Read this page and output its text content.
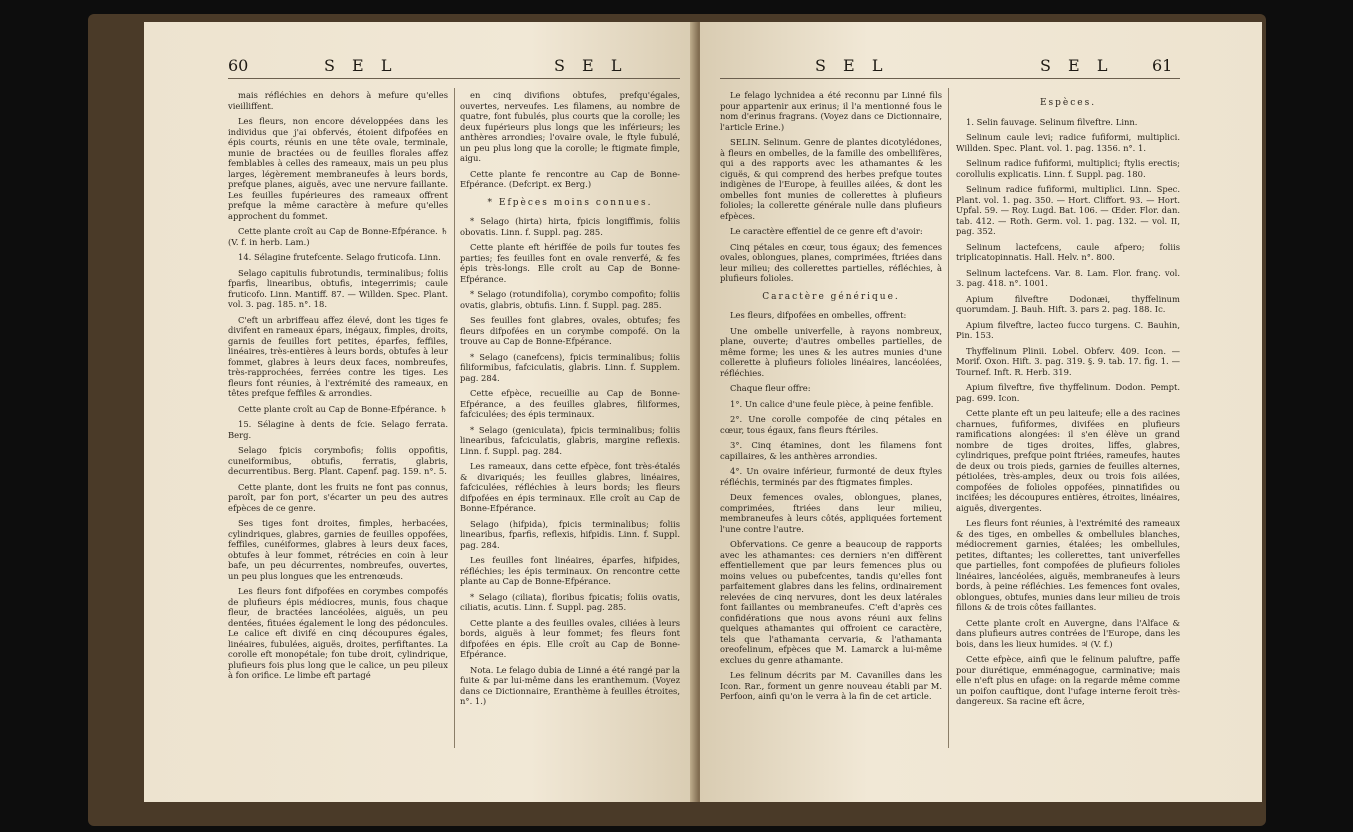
60	S E L	S E L

mais réfléchies en dehors à mefure qu'elles vieilliffent.

Les fleurs, non encore développées dans les individus que j'ai obfervés, étoient difpofées en épis courts, réunis en une tête ovale, terminale, munie de bractées ou de feuilles florales affez femblables à celles des rameaux, mais un peu plus larges, légèrement membraneufes à leurs bords, prefque planes, aiguës, avec une nervure faillante. Les feuilles fupérieures des rameaux offrent prefque la même caractère à mefure qu'elles approchent du fommet.

Cette plante croît au Cap de Bonne-Efpérance. ♄ (V. f. in herb. Lam.)

14. Sélagine frutefcente. Selago fruticofa. Linn.

Selago capitulis fubrotundis, terminalibus; foliis fparfis, linearibus, obtufis, integerrimis; caule fruticofo. Linn. Mantiff. 87. — Willden. Spec. Plant. vol. 3. pag. 185. n°. 18.

C'eft un arbriffeau affez élevé, dont les tiges fe divifent en rameaux épars, inégaux, fimples, droits, garnis de feuilles fort petites, éparfes, feffiles, linéaires, très-entières à leurs bords, obtufes à leur fommet, glabres à leurs deux faces, nombreufes, très-rapprochées, ferrées contre les tiges. Les fleurs font réunies, à l'extrémité des rameaux, en têtes prefque feffiles & arrondies.

Cette plante croît au Cap de Bonne-Efpérance. ♄

15. Sélagine à dents de fcie. Selago ferrata. Berg.

Selago fpicis corymbofis; foliis oppofitis, cuneiformibus, obtufis, ferratis, glabris, decurrentibus. Berg. Plant. Capenf. pag. 159. n°. 5.

Cette plante, dont les fruits ne font pas connus, paroît, par fon port, s'écarter un peu des autres efpèces de ce genre.

Ses tiges font droites, fimples, herbacées, cylindriques, glabres, garnies de feuilles oppofées, feffiles, cunéiformes, glabres à leurs deux faces, obtufes à leur fommet, rétrécies en coin à leur bafe, un peu décurrentes, nombreufes, ouvertes, un peu plus longues que les entrenœuds.

Les fleurs font difpofées en corymbes compofés de plufieurs épis médiocres, munis, fous chaque fleur, de bractées lancéolées, aiguës, un peu dentées, fituées également le long des pédoncules. Le calice eft divifé en cinq découpures égales, linéaires, fubulées, aiguës, droites, perfiftantes. La corolle eft monopétale; fon tube droit, cylindrique, plufieurs fois plus long que le calice, un peu pileux à fon orifice. Le limbe eft partagé

en cinq divifions obtufes, prefqu'égales, ouvertes, nerveufes. Les filamens, au nombre de quatre, font fubulés, plus courts que la corolle; les deux fupérieurs plus longs que les inférieurs; les anthères arrondies; l'ovaire ovale, le ftyle fubulé, un peu plus long que la corolle; le ftigmate fimple, aigu.

Cette plante fe rencontre au Cap de Bonne-Efpérance. (Defcript. ex Berg.)

* Efpèces moins connues.

* Selago (hirta) hirta, fpicis longiffimis, foliis obovatis. Linn. f. Suppl. pag. 285.

Cette plante eft hériffée de poils fur toutes fes parties; fes feuilles font en ovale renverfé, & fes épis très-longs. Elle croît au Cap de Bonne-Efpérance.

* Selago (rotundifolia), corymbo compofito; foliis ovatis, glabris, obtufis. Linn. f. Suppl. pag. 285.

Ses feuilles font glabres, ovales, obtufes; fes fleurs difpofées en un corymbe compofé. On la trouve au Cap de Bonne-Efpérance.

* Selago (canefcens), fpicis terminalibus; foliis filiformibus, fafciculatis, glabris. Linn. f. Supplem. pag. 284.

Cette efpèce, recueillie au Cap de Bonne-Efpérance, a des feuilles glabres, filiformes, fafciculées; des épis terminaux.

* Selago (geniculata), fpicis terminalibus; foliis linearibus, fafciculatis, glabris, margine reflexis. Linn. f. Suppl. pag. 284.

Les rameaux, dans cette efpèce, font très-étalés & divariqués; les feuilles glabres, linéaires, fafciculées, réfléchies à leurs bords; les fleurs difpofées en épis terminaux. Elle croît au Cap de Bonne-Efpérance.

Selago (hifpida), fpicis terminalibus; foliis linearibus, fparfis, reflexis, hifpidis. Linn. f. Suppl. pag. 284.

Les feuilles font linéaires, éparfes, hifpides, réfléchies; les épis terminaux. On rencontre cette plante au Cap de Bonne-Efpérance.

* Selago (ciliata), floribus fpicatis; foliis ovatis, ciliatis, acutis. Linn. f. Suppl. pag. 285.

Cette plante a des feuilles ovales, ciliées à leurs bords, aiguës à leur fommet; fes fleurs font difpofées en épis. Elle croît au Cap de Bonne-Efpérance.

Nota. Le felago dubia de Linné a été rangé par la fuite & par lui-même dans les eranthemum. (Voyez dans ce Dictionnaire, Eranthème à feuilles étroites, n°. 1.)

S E L	S E L 61

Le felago lychnidea a été reconnu par Linné fils pour appartenir aux erinus; il l'a mentionné fous le nom d'erinus fragrans. (Voyez dans ce Dictionnaire, l'article Erine.)

SELIN. Selinum. Genre de plantes dicotylédones, à fleurs en ombelles, de la famille des ombellifères, qui a des rapports avec les athamantes & les ciguës, & qui comprend des herbes prefque toutes indigènes de l'Europe, à feuilles ailées, & dont les ombelles font munies de collerettes à plufieurs folioles; la collerette générale nulle dans plufieurs efpèces.

Le caractère effentiel de ce genre eft d'avoir:

Cinq pétales en cœur, tous égaux; des femences ovales, oblongues, planes, comprimées, ftriées dans leur milieu; des collerettes partielles, réfléchies, à plufieurs folioles.

Caractère générique.

Les fleurs, difpofées en ombelles, offrent:

Une ombelle univerfelle, à rayons nombreux, plane, ouverte; d'autres ombelles partielles, de même forme; les unes & les autres munies d'une collerette à plufieurs folioles linéaires, lancéolées, réfléchies.

Chaque fleur offre:

1°. Un calice d'une feule pièce, à peine fenfible.

2°. Une corolle compofée de cinq pétales en cœur, tous égaux, fans fleurs ftériles.

3°. Cinq étamines, dont les filamens font capillaires, & les anthères arrondies.

4°. Un ovaire inférieur, furmonté de deux ftyles réfléchis, terminés par des ftigmates fimples.

Deux femences ovales, oblongues, planes, comprimées, ftriées dans leur milieu, membraneufes à leurs côtés, appliquées fortement l'une contre l'autre.

Obfervations. Ce genre a beaucoup de rapports avec les athamantes: ces derniers n'en diffèrent effentiellement que par leurs femences plus ou moins velues ou pubefcentes, tandis qu'elles font parfaitement glabres dans les felins, ordinairement relevées de cinq nervures, dont les deux latérales font faillantes ou membraneufes. C'eft d'après ces confidérations que nous avons réuni aux felins quelques athamantes qui offroient ce caractère, tels que l'athamanta cervaria, & l'athamanta oreofelinum, efpèces que M. Lamarck a lui-même exclues du genre athamante.

Les felinum décrits par M. Cavanilles dans les Icon. Rar., forment un genre nouveau établi par M. Perfoon, ainfi qu'on le verra à la fin de cet article.

Espèces.

1. Selin fauvage. Selinum filveftre. Linn.

Selinum caule levi; radice fufiformi, multiplici. Willden. Spec. Plant. vol. 1. pag. 1356. n°. 1.

Selinum radice fufiformi, multiplici; ftylis erectis; corollulis explicatis. Linn. f. Suppl. pag. 180.

Selinum radice fufiformi, multiplici. Linn. Spec. Plant. vol. 1. pag. 350. — Hort. Cliffort. 93. — Hort. Upfal. 59. — Roy. Lugd. Bat. 106. — Œder. Flor. dan. tab. 412. — Roth. Germ. vol. 1. pag. 132. — vol. II, pag. 352.

Selinum lactefcens, caule afpero; foliis triplicatopinnatis. Hall. Helv. n°. 800.

Selinum lactefcens. Var. 8. Lam. Flor. franç. vol. 3. pag. 418. n°. 1001.

Apium filveftre Dodonæi, thyffelinum quorumdam. J. Bauh. Hift. 3. pars 2. pag. 188. Ic.

Apium filveftre, lacteo fucco turgens. C. Bauhin, Pin. 153.

Thyffelinum Plinii. Lobel. Obferv. 409. Icon. — Morif. Oxon. Hift. 3. pag. 319. §. 9. tab. 17. fig. 1. — Tournef. Inft. R. Herb. 319.

Apium filveftre, five thyffelinum. Dodon. Pempt. pag. 699. Icon.

Cette plante eft un peu laiteufe; elle a des racines charnues, fufiformes, divifées en plufieurs ramifications alongées: il s'en élève un grand nombre de tiges droites, liffes, glabres, cylindriques, prefque point ftriées, rameufes, hautes de deux ou trois pieds, garnies de feuilles alternes, pétiolées, très-amples, deux ou trois fois ailées, compofées de folioles oppofées, pinnatifides ou incifées; les découpures entières, étroites, linéaires, aiguës, divergentes.

Les fleurs font réunies, à l'extrémité des rameaux & des tiges, en ombelles & ombellules blanches, médiocrement garnies, étalées; les ombellules, petites, diftantes; les collerettes, tant univerfelles que partielles, font compofées de plufieurs folioles linéaires, lancéolées, aiguës, membraneufes à leurs bords, à peine réfléchies. Les femences font ovales, oblongues, obtufes, munies dans leur milieu de trois fillons & de trois côtes faillantes.

Cette plante croît en Auvergne, dans l'Alface & dans plufieurs autres contrées de l'Europe, dans les bois, dans les lieux humides. ♃ (V. f.)

Cette efpèce, ainfi que le felinum paluftre, paffe pour diurétique, emménagogue, carminative; mais elle n'eft plus en ufage: on la regarde même comme un poifon cauftique, dont l'ufage interne feroit très-dangereux. Sa racine eft âcre,
